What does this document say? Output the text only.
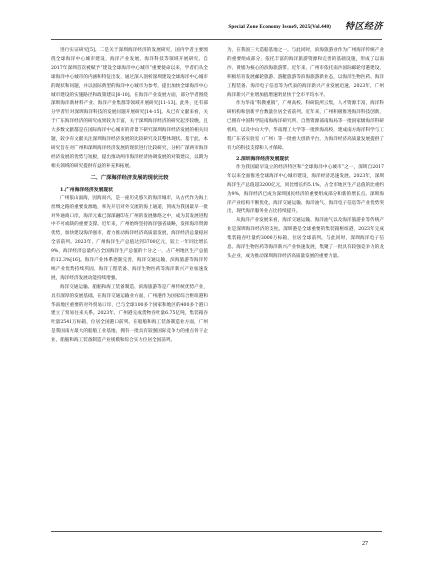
Special Zone Economy Issue9, 2025(Vol.440) 特区经济

进行实证研究[5]。二是关于深圳海洋经济的发展研究，国内学者主要围绕全球海洋中心城市建设、海洋产业发展、海洋科技等领域开展研究。自2017年深圳首次被赋予“建设全球海洋中心城市”重要使命以来，学者们从全球海洋中心城市的内涵和特征出发，通过深入剖析深圳建设全球海洋中心城市的现状和问题，并以国际典型的海洋中心城市为参考，提出加快全球海洋中心城市建设的实施路径和政策建议[6-10]。在海洋产业发展方面，部分学者围绕深圳海洋新材料产业、海洋产业集群等领域开展研究[11-13]。此外，还有部分学者针对深圳海洋科技的发展问题开展研究[14-15]。从已有文献来看，关于广东海洋经济的研究成果较为丰富，关于深圳海洋经济的研究起步较晚。且大多数文献都是在国际海洋中心城市的背景下研究深圳海洋经济发展的相关问题，较少有文献关注深圳海洋经济发展的比较研究及其整体现状。基于此，本研究旨在对广州和深圳海洋经济发展的现状进行比较研究，分析广深两市海洋经济发展的优势与短板，提出推动两市海洋经济协调发展的对策建议，以期为相关领域的研究提供有益的补充和拓展。

二、广深海洋经济发展的现状比较
1.广州海洋经济发展现状

广州依山面海，因海而兴，是一座历史悠久的海洋城市，从古代作为海上丝绸之路的重要发源地，率先开启对外交流的海上通道，到成为我国最早一批对外通商口岸，海洋元素已深深融印在广州的发展脉络之中，成为其发展进程中不可或缺的重要支撑。近年来，广州始终坚持海洋强省战略，发挥海洋资源优势，加快建设海洋强市，着力推动海洋经济高质量发展，海洋经济总量稳居全省前列。2023年，广州海洋生产总值达到3700亿元，较上一年同比增长9%，海洋经济总量约占全国海洋生产总值的十分之一，占广州地区生产总值的12.3%[16]。海洋产业体系逐渐完善，海洋交通运输、滨海旅游等海洋传统产业优势持续巩固，海洋工程装备、海洋生物医药等海洋新兴产业加速发展，海洋经济发展动能持续增强。

海洋交通运输、船舶和海工装备制造、滨海旅游等是广州传统优势产业，具有深厚的发展基础。在海洋交通运输业方面，广州港作为国家综合枢纽港和华南地区重要的对外贸易口岸，已与全球100多个国家和地区的400多个港口建立了贸易往来关系。2023年，广州港完成货物吞吐量6.75亿吨，集装箱吞吐量2541万标箱，位居全国港口前列。在船舶和海工装备制造业方面，广州是我国南方最大的船舶工业基地，拥有一批具有较强国际竞争力的重点骨干企业，船舶和海工装备制造产业规模和综合实力位居全国前列。

为，在我国三大造船基地之一。与此同时，滨海旅游业作为广州海洋传统产业的重要组成部分，依托丰富的海洋旅游资源和完善的基础设施，形成了以南沙、黄埔为核心的滨海旅游带。近年来，广州市依托南沙国际邮轮母港建设，积极培育发展邮轮旅游、游艇旅游等滨海旅游新业态，以海洋生物医药、海洋工程装备、海洋电子信息等为代表的海洋新兴产业发展迅速，2023年，广州海洋新兴产业增加值增速明显快于全市平均水平。

作为华南“科教重镇”，广州高校、科研院所云集，人才资源丰富，海洋科研机构和创新平台数量位居全省前列。近年来，广州积极推进海洋科技创新，已拥有中国科学院南海海洋研究所、自然资源部南海局等一批国家级海洋科研机构，以及中山大学、华南理工大学等一批涉海高校，建成南方海洋科学与工程广东省实验室（广州）等一批重大创新平台，为海洋经济高质量发展提供了有力的科技支撑和人才保障。

2.深圳海洋经济发展现状

作为我国最早设立的经济特区和“全球海洋中心城市”之一，深圳自2017年以来全面推进全球海洋中心城市建设，海洋经济迅速发展。2023年，深圳海洋生产总值超3200亿元，同比增长约5.1%，占全市地区生产总值的比重约为9%，海洋经济已成为深圳国民经济的重要组成部分和新的增长点。深圳海洋产业结构不断优化，海洋交通运输、海洋油气、海洋电子信息等产业优势突出，现代海洋服务业占比持续提升。

从海洋产业发展来看，海洋交通运输、海洋油气以及海洋旅游业等传统产业是深圳海洋经济的支柱。深圳港是全球重要的集装箱枢纽港，2023年完成集装箱吞吐量约3000万标箱，位居全球前列。与此同时，深圳海洋电子信息、海洋生物医药等海洋新兴产业快速发展，集聚了一批具有较强竞争力的龙头企业，成为推动深圳海洋经济高质量发展的重要力量。

27
